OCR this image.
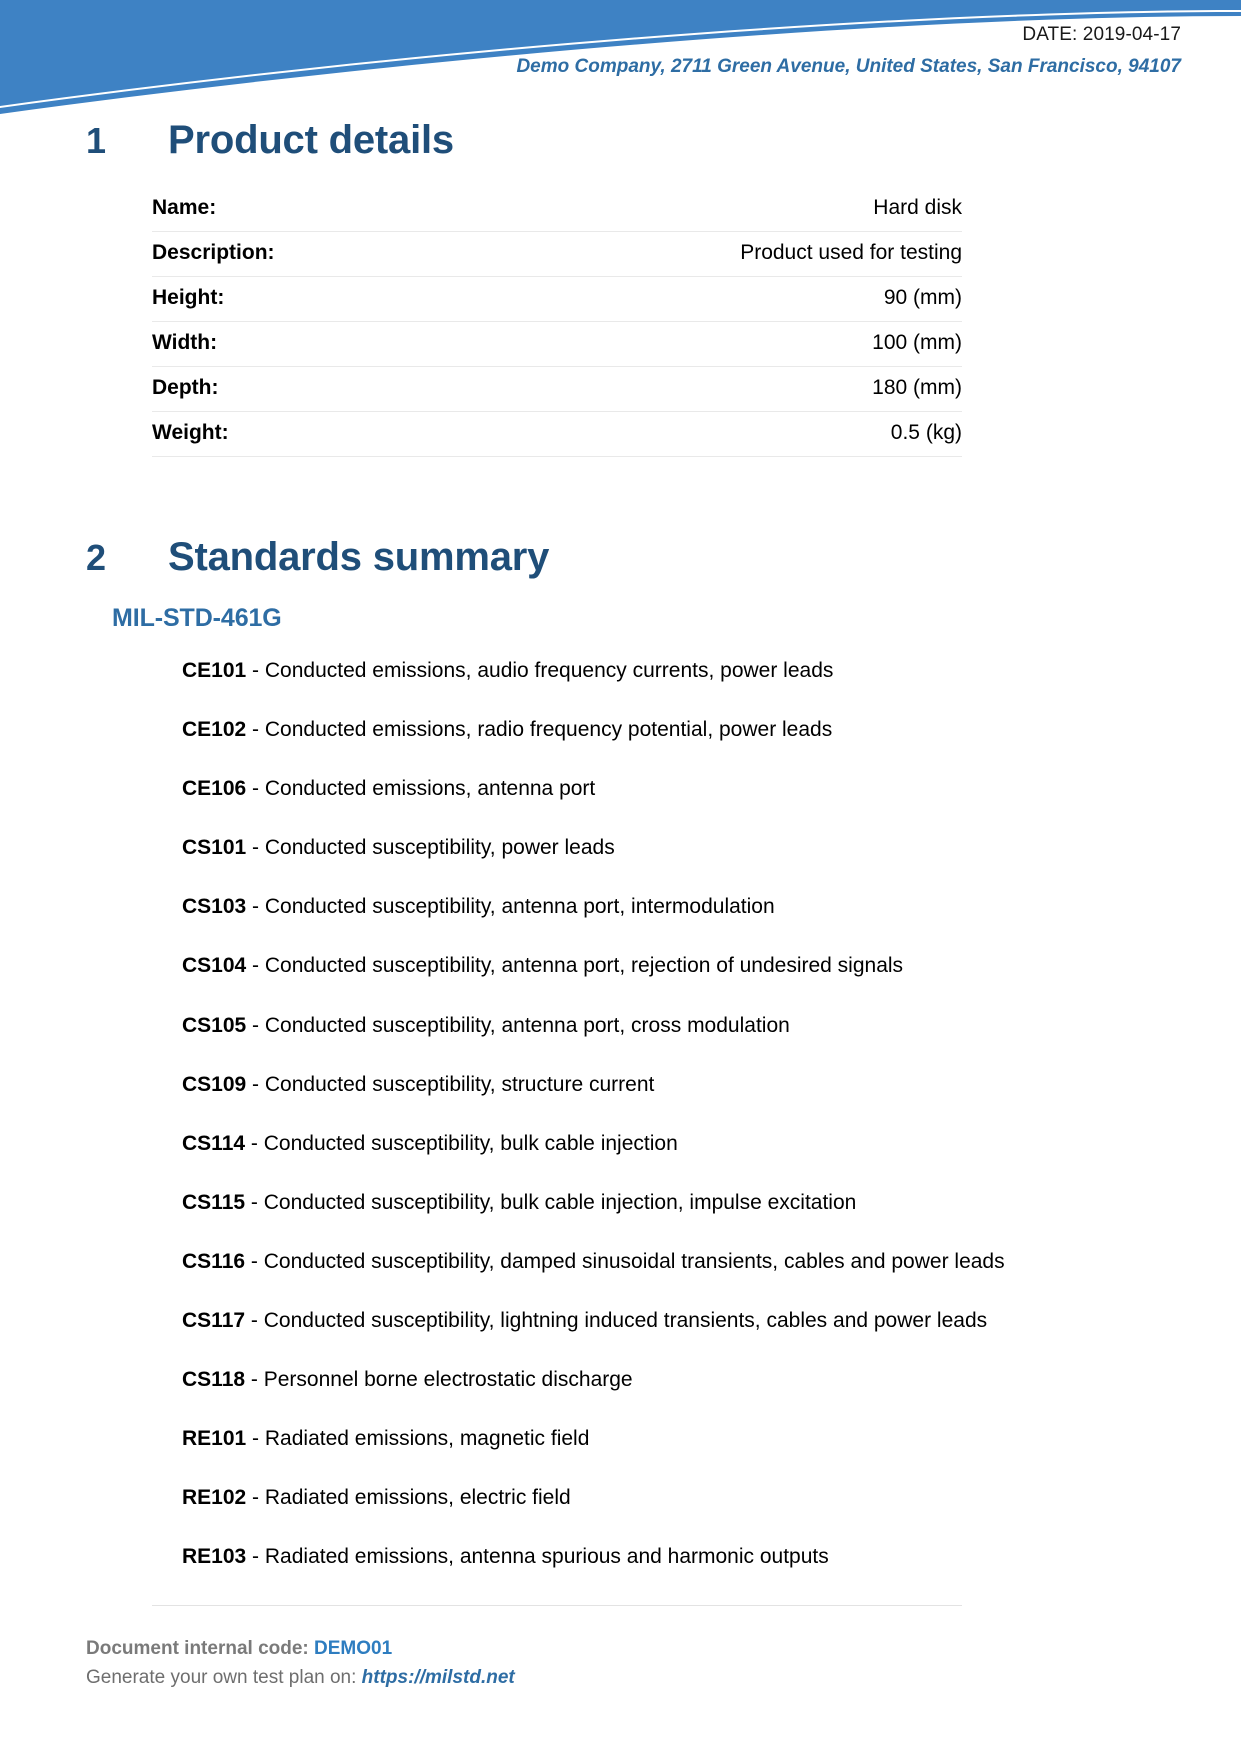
DATE: 2019-04-17
Demo Company, 2711 Green Avenue, United States, San Francisco, 94107
1	Product details
Name:	Hard disk
Description:	Product used for testing
Height:	90 (mm)
Width:	100 (mm)
Depth:	180 (mm)
Weight:	0.5 (kg)
2	Standards summary
MIL-STD-461G
CE101 - Conducted emissions, audio frequency currents, power leads
CE102 - Conducted emissions, radio frequency potential, power leads
CE106 - Conducted emissions, antenna port
CS101 - Conducted susceptibility, power leads
CS103 - Conducted susceptibility, antenna port, intermodulation
CS104 - Conducted susceptibility, antenna port, rejection of undesired signals
CS105 - Conducted susceptibility, antenna port, cross modulation
CS109 - Conducted susceptibility, structure current
CS114 - Conducted susceptibility, bulk cable injection
CS115 - Conducted susceptibility, bulk cable injection, impulse excitation
CS116 - Conducted susceptibility, damped sinusoidal transients, cables and power leads
CS117 - Conducted susceptibility, lightning induced transients, cables and power leads
CS118 - Personnel borne electrostatic discharge
RE101 - Radiated emissions, magnetic field
RE102 - Radiated emissions, electric field
RE103 - Radiated emissions, antenna spurious and harmonic outputs
Document internal code: DEMO01
Generate your own test plan on: https://milstd.net
